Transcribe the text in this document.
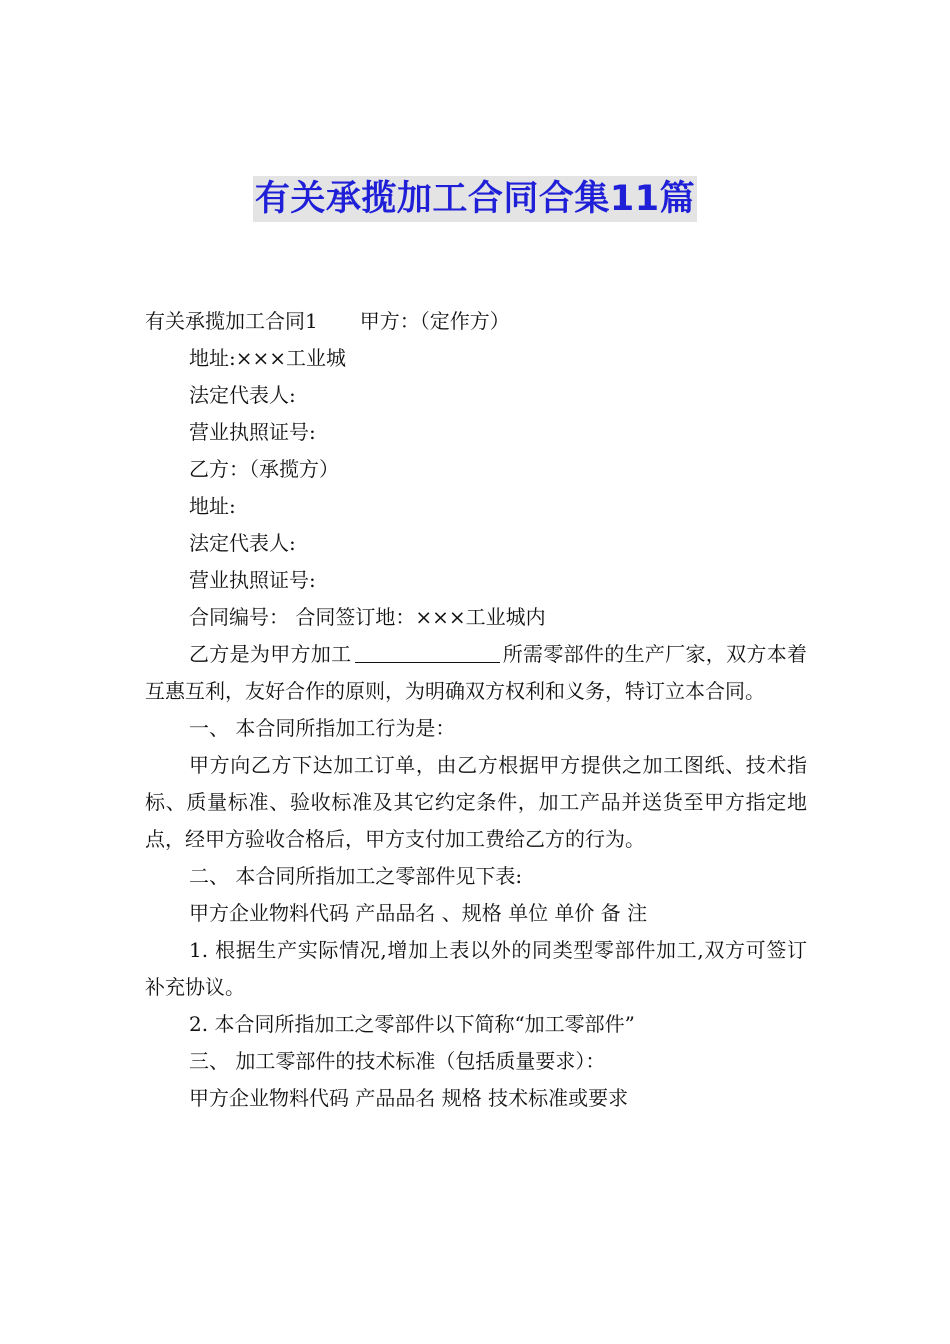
有关承揽加工合同合集11篇

有关承揽加工合同1 甲方：（定作方）

地址:×××工业城

法定代表人:

营业执照证号:

乙方：（承揽方）

地址:

法定代表人:

营业执照证号:

合同编号： 合同签订地：×××工业城内

乙方是为甲方加工	所需零部件的生产厂家，双方本着互惠互利，友好合作的原则，为明确双方权利和义务，特订立本合同。

一、 本合同所指加工行为是：

甲方向乙方下达加工订单，由乙方根据甲方提供之加工图纸、技术指标、质量标准、验收标准及其它约定条件，加工产品并送货至甲方指定地点，经甲方验收合格后，甲方支付加工费给乙方的行为。

二、 本合同所指加工之零部件见下表:

甲方企业物料代码 产品品名 、规格 单位 单价 备 注

1. 根据生产实际情况,增加上表以外的同类型零部件加工,双方可签订补充协议。

2. 本合同所指加工之零部件以下简称“加工零部件”

三、 加工零部件的技术标准（包括质量要求）：

甲方企业物料代码 产品品名 规格 技术标准或要求
